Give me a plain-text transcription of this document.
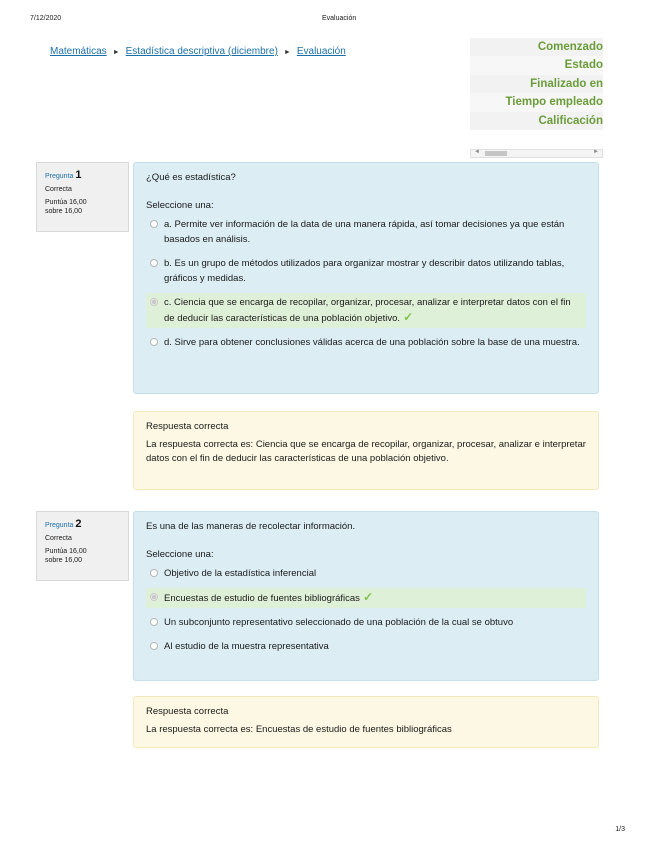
7/12/2020	Evaluación
Matemáticas ► Estadística descriptiva (diciembre) ► Evaluación	Comenzado
Estado
Finalizado en
Tiempo empleado
Calificación
◄	►
Pregunta 1
Correcta
Puntúa 16,00
sobre 16,00
¿Qué es estadística?
Seleccione una:
a. Permite ver información de la data de una manera rápida, así tomar decisiones ya que están basados en análisis.
b. Es un grupo de métodos utilizados para organizar mostrar y describir datos utilizando tablas, gráficos y medidas.
c. Ciencia que se encarga de recopilar, organizar, procesar, analizar e interpretar datos con el fin de deducir las características de una población objetivo. ✓
d. Sirve para obtener conclusiones válidas acerca de una población sobre la base de una muestra.
Respuesta correcta
La respuesta correcta es: Ciencia que se encarga de recopilar, organizar, procesar, analizar e interpretar datos con el fin de deducir las características de una población objetivo.
Pregunta 2
Correcta
Puntúa 16,00
sobre 16,00
Es una de las maneras de recolectar información.
Seleccione una:
Objetivo de la estadística inferencial
Encuestas de estudio de fuentes bibliográficas ✓
Un subconjunto representativo seleccionado de una población de la cual se obtuvo
Al estudio de la muestra representativa
Respuesta correcta
La respuesta correcta es: Encuestas de estudio de fuentes bibliográficas
1/3
